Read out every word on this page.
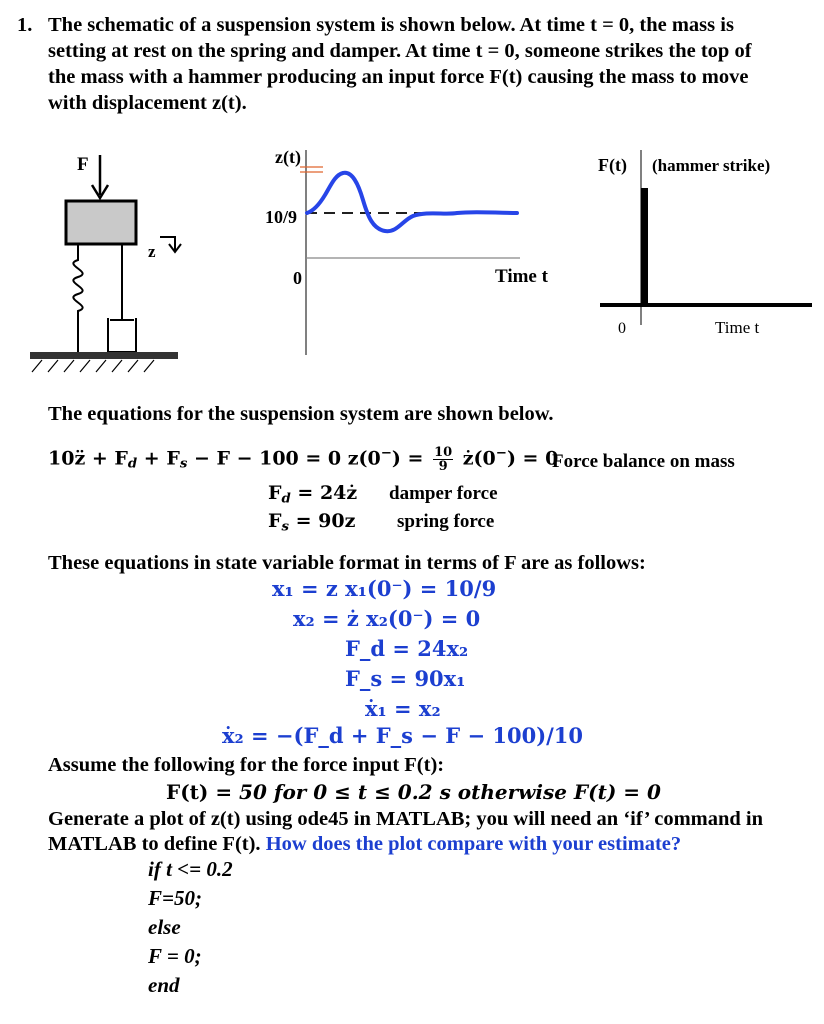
1. The schematic of a suspension system is shown below. At time t = 0, the mass is
setting at rest on the spring and damper. At time t = 0, someone strikes the top of
the mass with a hammer producing an input force F(t) causing the mass to move
with displacement z(t).
F
z
z(t)
10/9
0	Time t
F(t) (hammer strike)
0	Time t
The equations for the suspension system are shown below.
10z̈ + $F_d + F_s - F - 100 = 0$ $z(0^-) = \frac{10}{9}$ ż(0−) = 0
Force balance on mass
$F_d$ = 24ż damper force
$F_s = 90z$ spring force
These equations in state variable format in terms of F are as follows:
x₁ = z x₁(0⁻) = 10/9
x₂ = ż x₂(0⁻) = 0
F_d = 24x₂
F_s = 90x₁
ẋ₁ = x₂
ẋ₂ = −(F_d + F_s − F − 100)/10
Assume the following for the force input F(t):
F(t) = 50 for 0 ≤ t ≤ 0.2 s otherwise F(t) = 0
Generate a plot of z(t) using ode45 in MATLAB; you will need an ‘if’ command in
MATLAB to define F(t). How does the plot compare with your estimate?
if t <= 0.2
F=50;
else
F = 0;
end
